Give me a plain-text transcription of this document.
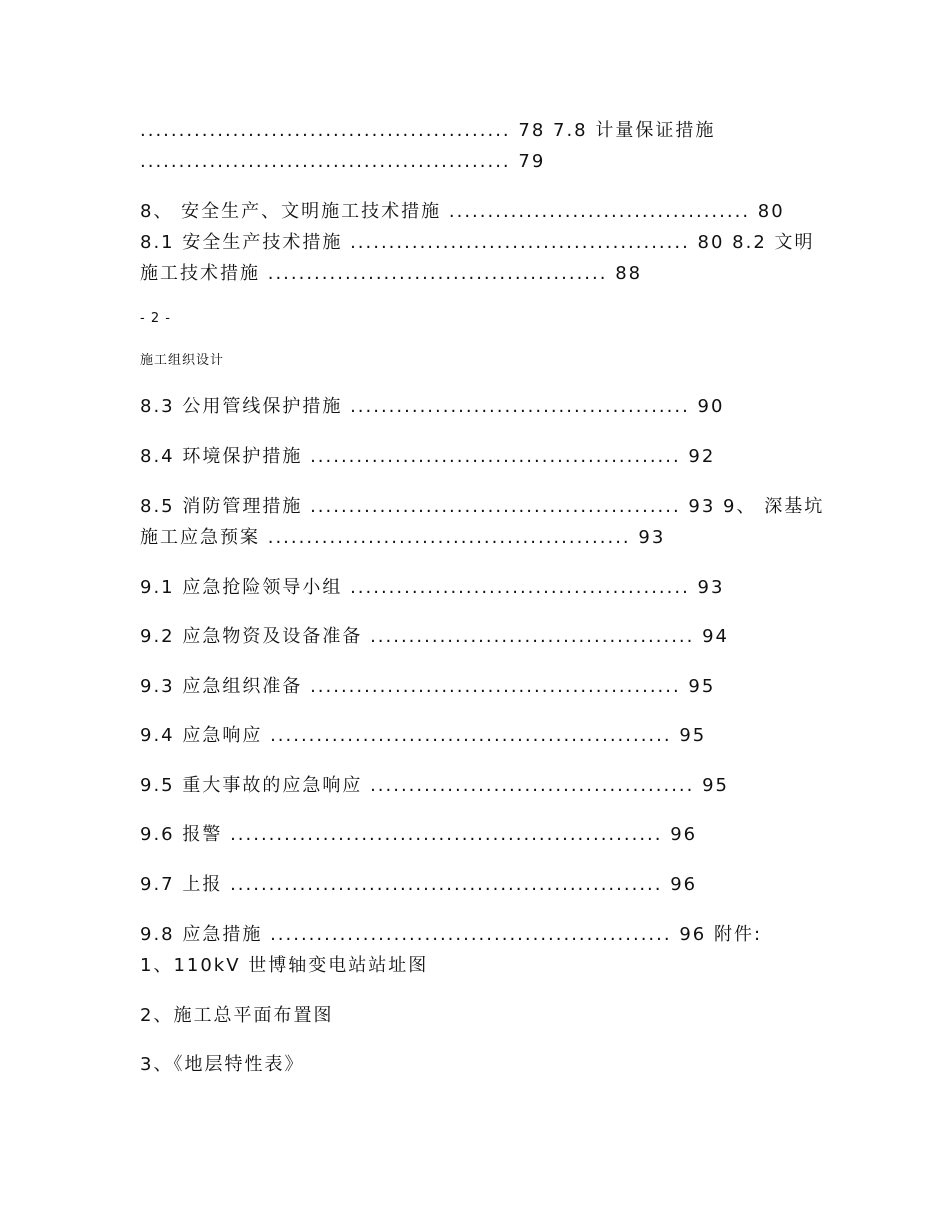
................................................ 78 7.8 计量保证措施
................................................ 79
8、 安全生产、文明施工技术措施 ....................................... 80
8.1 安全生产技术措施 ............................................ 80 8.2 文明
施工技术措施 ............................................ 88
- 2 -
施工组织设计
8.3 公用管线保护措施 ............................................ 90
8.4 环境保护措施 ................................................ 92
8.5 消防管理措施 ................................................ 93 9、 深基坑
施工应急预案 ............................................... 93
9.1 应急抢险领导小组 ............................................ 93
9.2 应急物资及设备准备 .......................................... 94
9.3 应急组织准备 ................................................ 95
9.4 应急响应 .................................................... 95
9.5 重大事故的应急响应 .......................................... 95
9.6 报警 ........................................................ 96
9.7 上报 ........................................................ 96
9.8 应急措施 .................................................... 96 附件:
1、110kV 世博轴变电站站址图
2、施工总平面布置图
3、《地层特性表》
